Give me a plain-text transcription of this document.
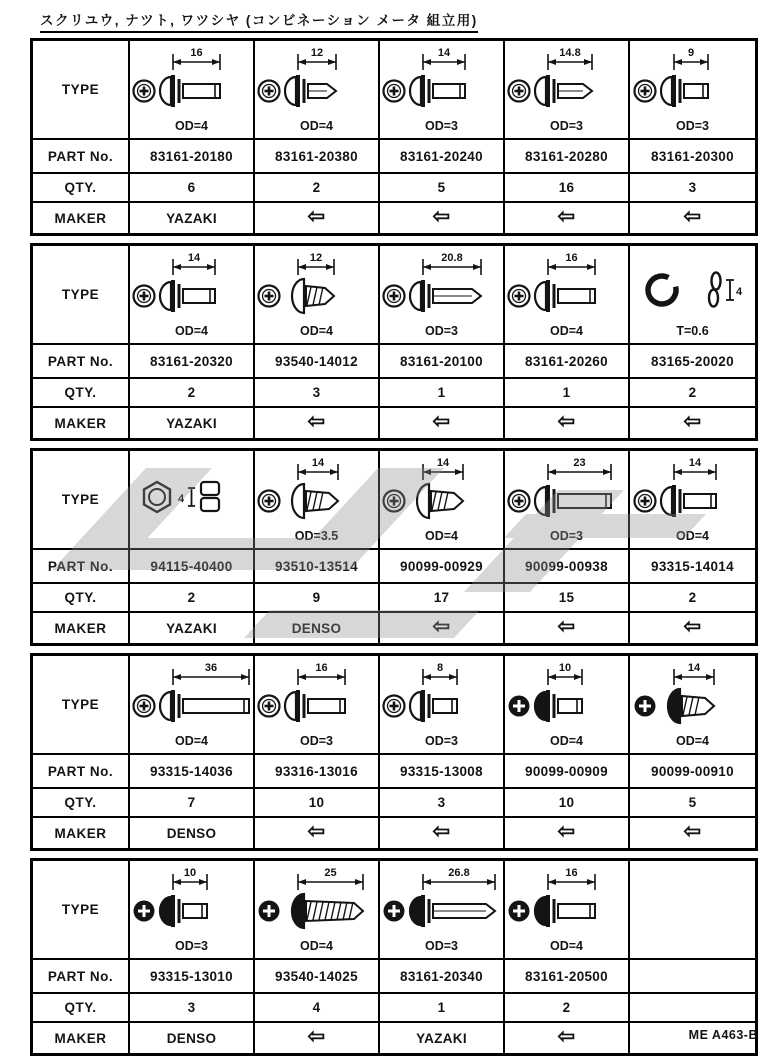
スクリユウ, ナツト, ワツシヤ (コンビネーション メータ 組立用)
TYPE
16
OD=4
12
OD=4
14
OD=3
14.8
OD=3
9
OD=3
PART No.	83161-20180	83161-20380	83161-20240	83161-20280	83161-20300
QTY.	6	2	5	16	3
MAKER	YAZAKI	⇦	⇦	⇦	⇦
TYPE
14
OD=4
12
OD=4
20.8
OD=3
16
OD=4
4
T=0.6
PART No.	83161-20320	93540-14012	83161-20100	83161-20260	83165-20020
QTY.	2	3	1	1	2
MAKER	YAZAKI	⇦	⇦	⇦	⇦
TYPE	4
14
OD=3.5
14
OD=4
23
OD=3
14
OD=4
PART No.	94115-40400	93510-13514	90099-00929	90099-00938	93315-14014
QTY.	2	9	17	15	2
MAKER	YAZAKI	DENSO	⇦	⇦	⇦
TYPE
36
OD=4
16
OD=3
8
OD=3
10
OD=4
14
OD=4
PART No.	93315-14036	93316-13016	93315-13008	90099-00909	90099-00910
QTY.	7	10	3	10	5
MAKER	DENSO	⇦	⇦	⇦	⇦
TYPE
10
OD=3
25
OD=4
26.8
OD=3
16
OD=4
PART No.	93315-13010	93540-14025	83161-20340	83161-20500
QTY.	3	4	1	2
MAKER	DENSO	⇦	YAZAKI	⇦	ME A463-B
